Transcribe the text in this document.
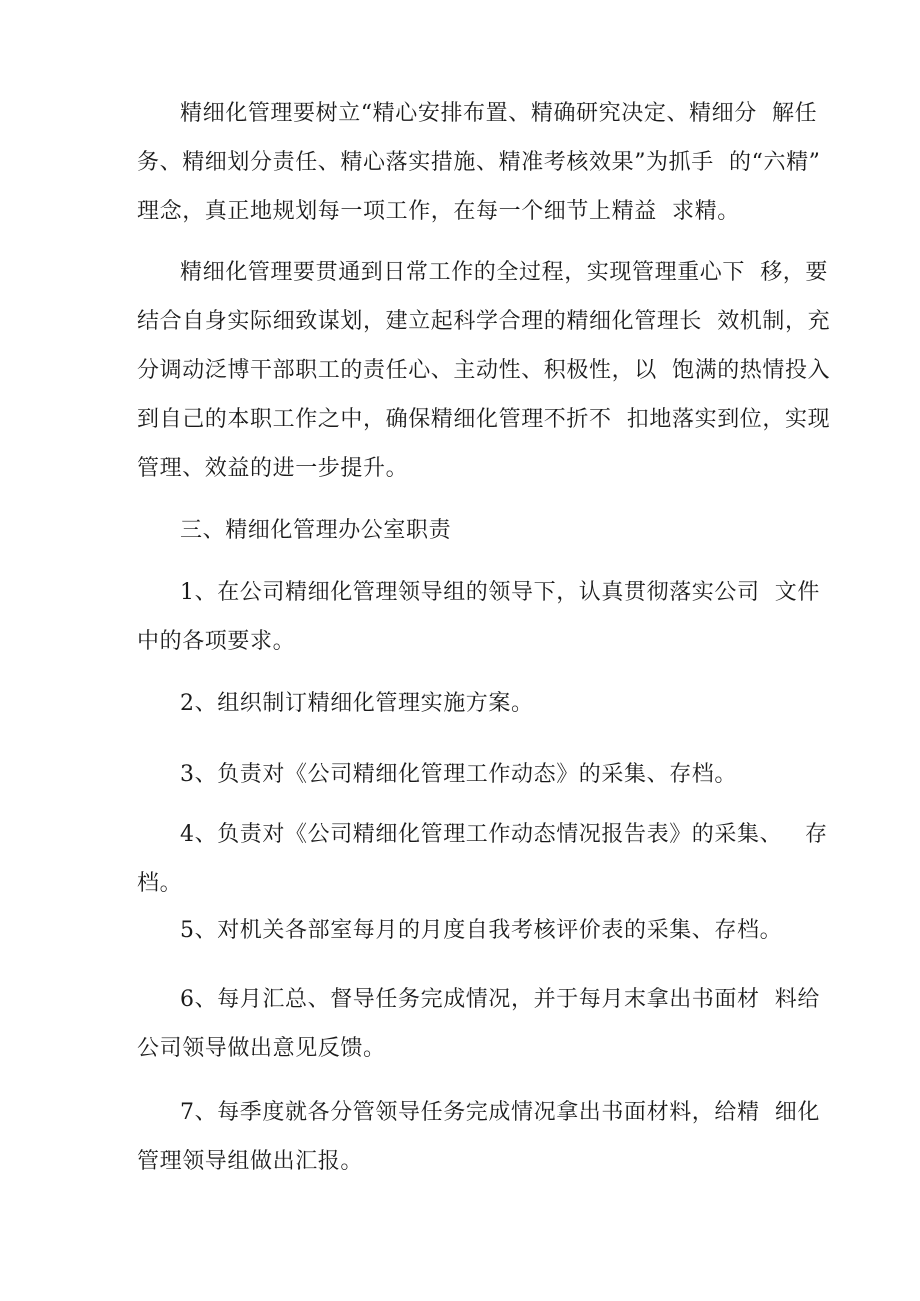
精细化管理要树立“精心安排布置、精确研究决定、精细分  解任
务、精细划分责任、精心落实措施、精准考核效果”为抓手  的“六精”
理念，真正地规划每一项工作，在每一个细节上精益  求精。
精细化管理要贯通到日常工作的全过程，实现管理重心下  移，要
结合自身实际细致谋划，建立起科学合理的精细化管理长  效机制，充
分调动泛博干部职工的责任心、主动性、积极性，以  饱满的热情投入
到自己的本职工作之中，确保精细化管理不折不  扣地落实到位，实现
管理、效益的进一步提升。
三、精细化管理办公室职责
1、在公司精细化管理领导组的领导下，认真贯彻落实公司  文件
中的各项要求。
2、组织制订精细化管理实施方案。
3、负责对《公司精细化管理工作动态》的采集、存档。
4、负责对《公司精细化管理工作动态情况报告表》的采集、   存
档。
5、对机关各部室每月的月度自我考核评价表的采集、存档。
6、每月汇总、督导任务完成情况，并于每月末拿出书面材  料给
公司领导做出意见反馈。
7、每季度就各分管领导任务完成情况拿出书面材料，给精  细化
管理领导组做出汇报。
